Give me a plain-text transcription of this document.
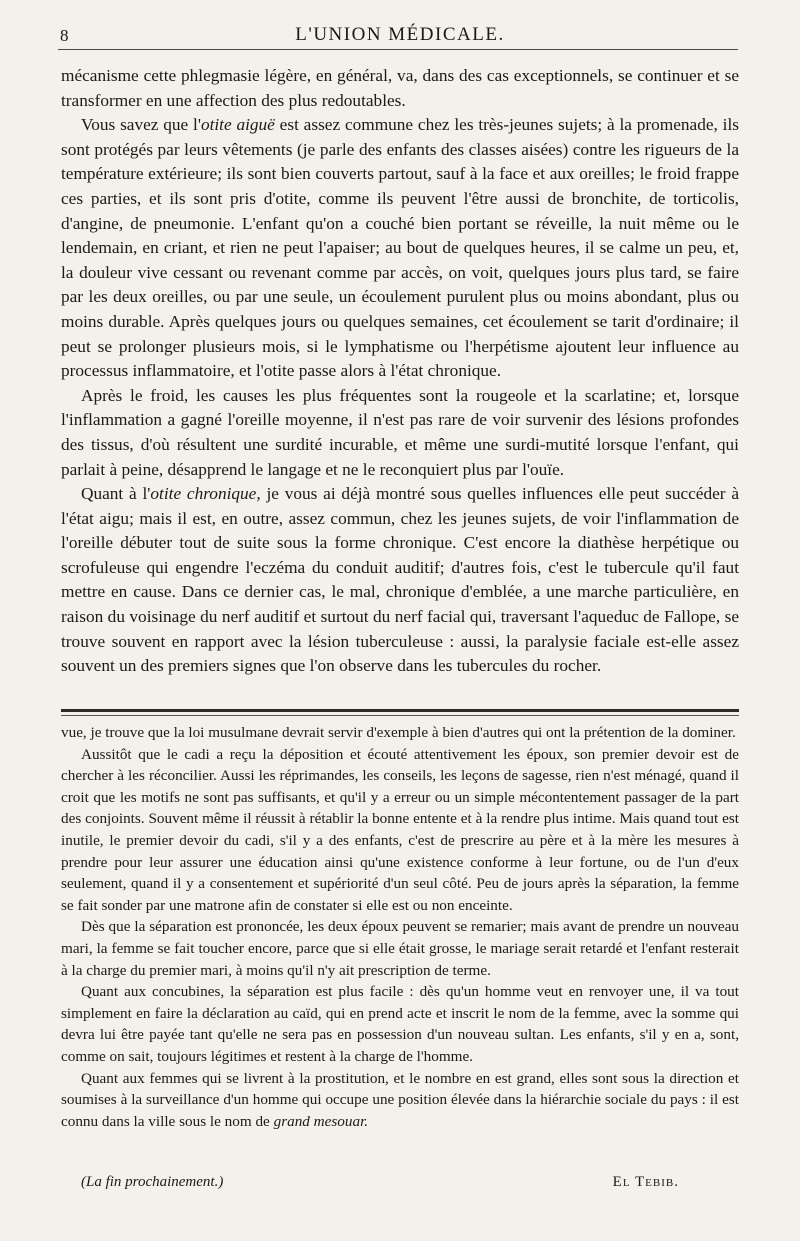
8	L'UNION MÉDICALE.

mécanisme cette phlegmasie légère, en général, va, dans des cas exceptionnels, se continuer et se transformer en une affection des plus redoutables.

Vous savez que l'otite aiguë est assez commune chez les très-jeunes sujets; à la promenade, ils sont protégés par leurs vêtements (je parle des enfants des classes aisées) contre les rigueurs de la température extérieure; ils sont bien couverts partout, sauf à la face et aux oreilles; le froid frappe ces parties, et ils sont pris d'otite, comme ils peuvent l'être aussi de bronchite, de torticolis, d'angine, de pneumonie. L'enfant qu'on a couché bien portant se réveille, la nuit même ou le lendemain, en criant, et rien ne peut l'apaiser; au bout de quelques heures, il se calme un peu, et, la douleur vive cessant ou revenant comme par accès, on voit, quelques jours plus tard, se faire par les deux oreilles, ou par une seule, un écoulement purulent plus ou moins abondant, plus ou moins durable. Après quelques jours ou quelques semaines, cet écoulement se tarit d'ordinaire; il peut se prolonger plusieurs mois, si le lymphatisme ou l'herpétisme ajoutent leur influence au processus inflammatoire, et l'otite passe alors à l'état chronique.

Après le froid, les causes les plus fréquentes sont la rougeole et la scarlatine; et, lorsque l'inflammation a gagné l'oreille moyenne, il n'est pas rare de voir survenir des lésions profondes des tissus, d'où résultent une surdité incurable, et même une surdi-mutité lorsque l'enfant, qui parlait à peine, désapprend le langage et ne le reconquiert plus par l'ouïe.

Quant à l'otite chronique, je vous ai déjà montré sous quelles influences elle peut succéder à l'état aigu; mais il est, en outre, assez commun, chez les jeunes sujets, de voir l'inflammation de l'oreille débuter tout de suite sous la forme chronique. C'est encore la diathèse herpétique ou scrofuleuse qui engendre l'eczéma du conduit auditif; d'autres fois, c'est le tubercule qu'il faut mettre en cause. Dans ce dernier cas, le mal, chronique d'emblée, a une marche particulière, en raison du voisinage du nerf auditif et surtout du nerf facial qui, traversant l'aqueduc de Fallope, se trouve souvent en rapport avec la lésion tuberculeuse : aussi, la paralysie faciale est-elle assez souvent un des premiers signes que l'on observe dans les tubercules du rocher.

vue, je trouve que la loi musulmane devrait servir d'exemple à bien d'autres qui ont la prétention de la dominer.

Aussitôt que le cadi a reçu la déposition et écouté attentivement les époux, son premier devoir est de chercher à les réconcilier. Aussi les réprimandes, les conseils, les leçons de sagesse, rien n'est ménagé, quand il croit que les motifs ne sont pas suffisants, et qu'il y a erreur ou un simple mécontentement passager de la part des conjoints. Souvent même il réussit à rétablir la bonne entente et à la rendre plus intime. Mais quand tout est inutile, le premier devoir du cadi, s'il y a des enfants, c'est de prescrire au père et à la mère les mesures à prendre pour leur assurer une éducation ainsi qu'une existence conforme à leur fortune, ou de l'un d'eux seulement, quand il y a consentement et supériorité d'un seul côté. Peu de jours après la séparation, la femme se fait sonder par une matrone afin de constater si elle est ou non enceinte.

Dès que la séparation est prononcée, les deux époux peuvent se remarier; mais avant de prendre un nouveau mari, la femme se fait toucher encore, parce que si elle était grosse, le mariage serait retardé et l'enfant resterait à la charge du premier mari, à moins qu'il n'y ait prescription de terme.

Quant aux concubines, la séparation est plus facile : dès qu'un homme veut en renvoyer une, il va tout simplement en faire la déclaration au caïd, qui en prend acte et inscrit le nom de la femme, avec la somme qui devra lui être payée tant qu'elle ne sera pas en possession d'un nouveau sultan. Les enfants, s'il y en a, sont, comme on sait, toujours légitimes et restent à la charge de l'homme.

Quant aux femmes qui se livrent à la prostitution, et le nombre en est grand, elles sont sous la direction et soumises à la surveillance d'un homme qui occupe une position élevée dans la hiérarchie sociale du pays : il est connu dans la ville sous le nom de grand mesouar.

(La fin prochainement.)	El Tebib.
